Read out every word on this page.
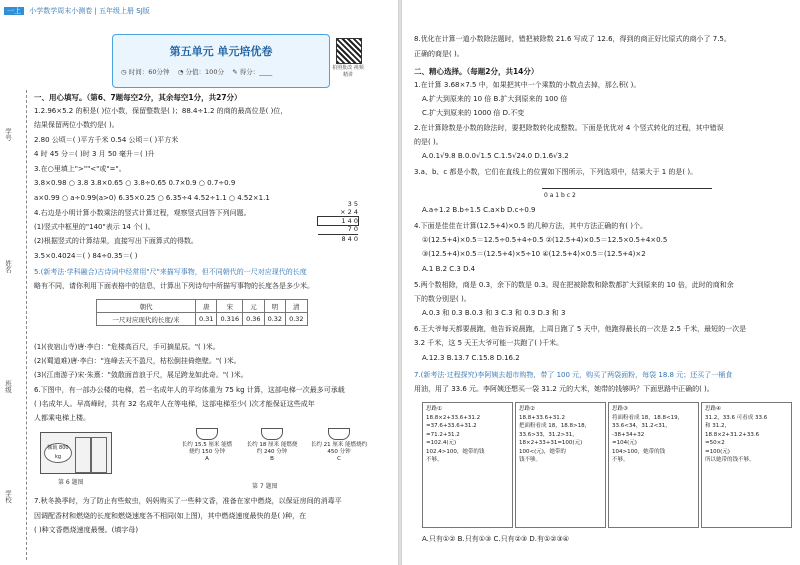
一上 小学数学周末小测卷 | 五年级上册 SJ版
第五单元 单元培优卷
◷ 时间：60分钟 ◔ 分值：100分 ✎ 得分：____	拍照批改 视频精讲
学号
姓名
班级
学校
一、用心填写。（第6、7题每空2分，其余每空1分，共27分）
1.2.96×5.2 的积是( )位小数，保留整数是( )；88.4÷1.2 的商的最高位是( )位，
结果保留两位小数约是( )。
2.80 公顷＝( )平方千米 0.54 公顷＝( )平方米
4 时 45 分＝( )时 3 月 50 毫升＝( )升
3.在○里填上">""<"或"="。
3.8×0.98 ○ 3.8 3.8×0.65 ○ 3.8÷0.65 0.7×0.9 ○ 0.7÷0.9
a×0.99 ○ a÷0.99(a>0) 6.35×0.25 ○ 6.35÷4 4.52÷1.1 ○ 4.52×1.1
4.右边是小明计算小数乘法的竖式计算过程，观察竖式回答下列问题。
(1)竖式中框里的"140"表示 14 个( )。
(2)根据竖式的计算结果，直接写出下面算式的得数。
3.5×0.4024＝( ) 84÷0.35＝( )
3 5
× 2 4
1 4 0
7 0
8 4 0
5.(新考法·学科融合)古诗词中经常用"尺"来描写事物，但不同朝代的一尺对应现代的长度
略有不同，请你利用下面表格中的信息，计算出下列诗句中所描写事物的长度各是多少米。
朝代	唐	宋	元	明	清
一尺对应现代的长度/米	0.31	0.316	0.36	0.32	0.32
(1)(夜宿山寺)唐·李白："危楼高百尺，手可摘星辰。"( )米。
(2)(蜀道难)唐·李白："连峰去天不盈尺，枯松倒挂倚绝壁。"( )米。
(3)(江南游子)宋·朱熹："敛散面首浪于尺，展足跨龙如此奇。"( )米。
6.下图中，有一部办公楼的电梯，若一名成年人的平均体重为 75 kg 计算，这部电梯一次最多可承载
( )名成年人。早高峰时，共有 32 名成年人在等电梯，这部电梯至少( )次才能保证这些成年
人都乘电梯上楼。
额载 800 kg
第 6 题图
长约 15.5 厘米 能燃烧约 150 分钟
A
长约 18 厘米 能燃烧约 240 分钟
B
长约 21 厘米 能燃烧约 450 分钟
C
第 7 题图
7.秋冬换季时，为了防止有些蚊虫，妈妈购买了一些种文香，准备在家中燃烧，以保证房间的消毒平
因调配香材和燃烧的长度和燃烧速度各不相同(如上图)，其中燃烧速度最快的是( )种，在
( )种文香燃烧速度最慢。(填字母)
8.优化在计算一道小数除法题时，错把被除数 21.6 写成了 12.6，得到的商正好比原式的商小了 7.5。
正确的商是( )。
二、精心选择。（每题2分，共14分）
1.在计算 3.68×7.5 中，如果把其中一个乘数的小数点去掉，那么积( )。
A.扩大到原来的 10 倍 B.扩大到原来的 100 倍
C.扩大到原来的 1000 倍 D.不变
2.在计算除数是小数的除法时，要把除数转化成整数。下面是优优对 4 个竖式转化的过程，其中错误
的是( )。
A.0.1√9.8 B.0.0√1.5 C.1.5√24.0 D.1.6√3.2
3.a、b、c 都是小数，它们在直线上的位置如下图所示，下列选项中，结果大于 1 的是( )。
0 a 1 b c 2
A.a÷1.2 B.b÷1.5 C.a×b D.c÷0.9
4.下面是佳佳在计算(12.5+4)×0.5 的几种方法，其中方法正确的有( )个。
①(12.5+4)×0.5＝12.5÷0.5+4÷0.5 ②(12.5+4)×0.5＝12.5×0.5+4×0.5
③(12.5+4)×0.5＝(12.5+4)×5÷10 ④(12.5+4)×0.5＝(12.5+4)×2
A.1 B.2 C.3 D.4
5.两个数相除，商是 0.3，余下的数是 0.3。现在把被除数和除数都扩大到原来的 10 倍，此时的商和余
下的数分别是( )。
A.0.3 和 0.3 B.0.3 和 3 C.3 和 0.3 D.3 和 3
6.王大爷每天都要晨跑，他告诉说晨跑，上周日跑了 5 天中，他跑得最长的一次是 2.5 千米，最短的一次是
3.2 千米，这 5 天王大爷可能一共跑了( )千米。
A.12.3 B.13.7 C.15.8 D.16.2
7.(新考法·过程探究)李阿姨去超市购物，带了 100 元，购买了两袋面粉，每袋 18.8 元；还买了一桶食
用油，用了 33.6 元。李阿姨还想买一袋 31.2 元的大米，她带的钱够吗？下面思路中正确的( )。
思路①
18.8×2+33.6+31.2
=37.6+33.6+31.2
=71.2+31.2
=102.4(元)
102.4>100，她带的钱
不够。
思路②
18.8+33.6+31.2
把面粉看成 18，18.8>18，
33.6>33，31.2>31，
18×2+33+31=100(元)
100<(元)，她带的
钱不够。
思路③
将面粉看成 18，18.8<19，
33.6<34，31.2<31，
-38+34+32
=104(元)
104>100，她带的钱
不够。
思路④
31.2，33.6 可看成 33.6
和 31.2，
18.8×2+31.2+33.6
=50×2
=100(元)
所以她带的钱不够。
A.只有①② B.只有①③ C.只有②③ D.有①②③④
